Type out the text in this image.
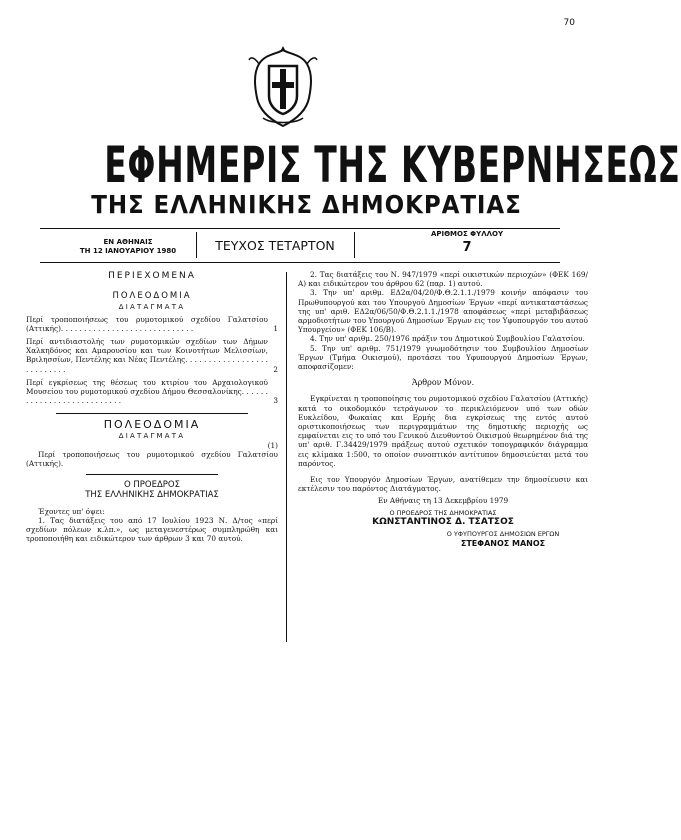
70
ΕΦΗΜΕΡΙΣ ΤΗΣ ΚΥΒΕΡΝΗΣΕΩΣ
ΤΗΣ ΕΛΛΗΝΙΚΗΣ ΔΗΜΟΚΡΑΤΙΑΣ
ΕΝ ΑΘΗΝΑΙΣ
ΤΗ 12 ΙΑΝΟΥΑΡΙΟΥ 1980	ΤΕΥΧΟΣ ΤΕΤΑΡΤΟΝ
ΑΡΙΘΜΟΣ ΦΥΛΛΟΥ
7
ΠΕΡΙΕΧΟΜΕΝΑ
ΠΟΛΕΟΔΟΜΙΑ
ΔΙΑΤΑΓΜΑΤΑ
Περί τροποποιήσεως του ρυμοτομικού σχεδίου Γαλατσίου (Αττικής). . . . . . . . . . . . . . . . . . . . . . . . . . . . .	1
Περί αντιδιαστολής των ρυμοτομικών σχεδίων των Δήμων Χαλκηδόνος και Αμαρουσίου και των Κοινοτήτων Μελισσίων, Βριλησσίων, Πεντέλης και Νέας Πεντέλης. . . . . . . . . . . . . . . . . . . . . . . . . . .	2
Περί εγκρίσεως της θέσεως του κτιρίου του Αρχαιολογικού Μουσείου του ρυμοτομικού σχεδίου Δήμου Θεσσαλονίκης. . . . . . . . . . . . . . . . . . . . . . . . . . .	3
ΠΟΛΕΟΔΟΜΙΑ
ΔΙΑΤΑΓΜΑΤΑ
(1)

Περί τροποποιήσεως του ρυμοτομικού σχεδίου Γαλατσίου (Αττικής).

Ο ΠΡΟΕΔΡΟΣ
ΤΗΣ ΕΛΛΗΝΙΚΗΣ ΔΗΜΟΚΡΑΤΙΑΣ

Έχοντες υπ' όψει:

1. Τας διατάξεις του από 17 Ιουλίου 1923 Ν. Δ/τος «περί σχεδίων πόλεων κ.λπ.», ως μεταγενεστέρως συμπληρώθη και τροποποιήθη και ειδικώτερον των άρθρων 3 και 70 αυτού.

2. Τας διατάξεις του Ν. 947/1979 «περί οικιστικών περιοχών» (ΦΕΚ 169/Α) και ειδικώτερον του άρθρου 62 (παρ. 1) αυτού.

3. Την υπ' αριθμ. ΕΔ2α/04/20/Φ.Θ.2.1.1./1979 κοινήν απόφασιν του Πρωθυπουργού και του Υπουργού Δημοσίων Έργων «περί αντικαταστάσεως της υπ' αριθ. ΕΔ2α/06/50/Φ.Θ.2.1.1./1978 αποφάσεως «περί μεταβιβάσεως αρμοδιοτήτων του Υπουργού Δημοσίων Έργων εις τον Υφυπουργόν του αυτού Υπουργείου» (ΦΕΚ 106/Β).

4. Την υπ' αριθμ. 250/1976 πράξιν του Δημοτικού Συμβουλίου Γαλατσίου.

5. Την υπ' αριθμ. 751/1979 γνωμοδότησιν του Συμβουλίου Δημοσίων Έργων (Τμήμα Οικισμού), προτάσει του Υφυπουργού Δημοσίων Έργων, αποφασίζομεν:

Άρθρον Μόνον.

Εγκρίνεται η τροποποίησις του ρυμοτομικού σχεδίου Γαλατσίου (Αττικής) κατά το οικοδομικόν τετράγωνον το περικλειόμενον υπό των οδών Ευκλείδου, Φωκαίας και Ερμής δια εγκρίσεως της εντός αυτού οριστικοποιήσεως των περιγραμμάτων της δημοτικής περιοχής ως εμφαίνεται εις το υπό του Γενικού Διευθυντού Οικισμού θεωρημένον διά της υπ' αριθ. Γ.34429/1979 πράξεως αυτού σχετικόν τοπογραφικόν διάγραμμα εις κλίμακα 1:500, το οποίον συνοπτικόν αντίτυπον δημοσιεύεται μετά του παρόντος.

Εις τον Υπουργόν Δημοσίων Έργων, ανατίθεμεν την δημοσίευσιν και εκτέλεσιν του παρόντος Διατάγματος.

Εν Αθήναις τη 13 Δεκεμβρίου 1979
Ο ΠΡΟΕΔΡΟΣ ΤΗΣ ΔΗΜΟΚΡΑΤΙΑΣ
ΚΩΝΣΤΑΝΤΙΝΟΣ Δ. ΤΣΑΤΣΟΣ
Ο ΥΦΥΠΟΥΡΓΟΣ ΔΗΜΟΣΙΩΝ ΕΡΓΩΝ
ΣΤΕΦΑΝΟΣ ΜΑΝΟΣ
